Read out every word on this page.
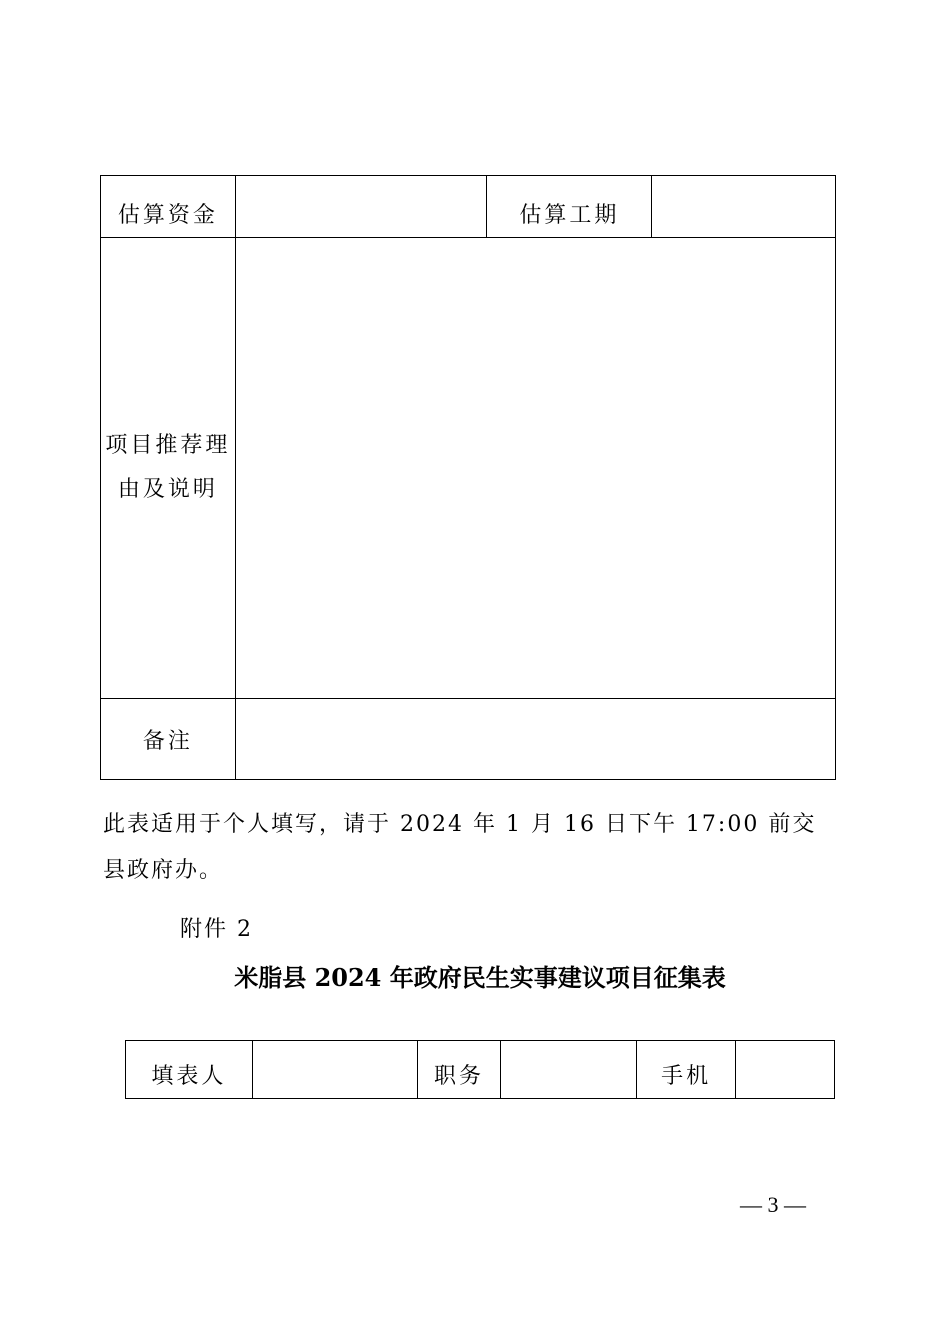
估算资金		估算工期	
项目推荐理
由及说明			
备注			
此表适用于个人填写，请于 2024 年 1 月 16 日下午 17:00 前交县政府办。
附件 2
米脂县 2024 年政府民生实事建议项目征集表
填表人		职务		手机	
— 3 —
